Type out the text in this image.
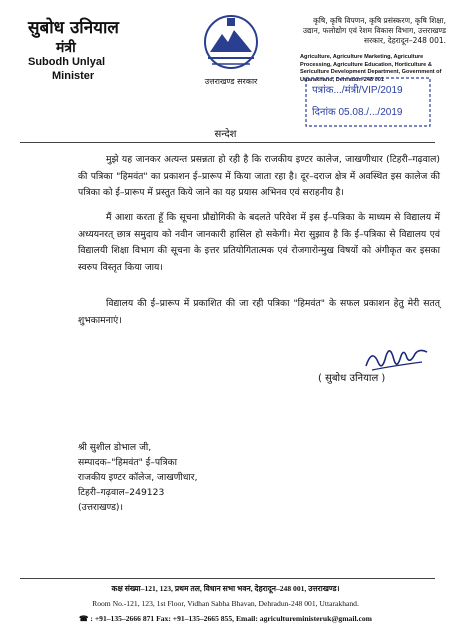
सुबोध उनियाल
मंत्री
Subodh Unlyal
Minister	उत्तराखण्ड सरकार
कृषि, कृषि विपणन, कृषि प्रसंस्करण, कृषि शिक्षा, उद्यान, फलोद्योग एवं रेशम विकास विभाग, उत्तराखण्ड सरकार, देहरादून–248 001.
Agriculture, Agriculture Marketing, Agriculture Processing, Agriculture Education, Horticulture & Sericulture Development Department, Government of Uttarakhand, Dehradun-248 001
पत्रांक.../मंत्री/VIP/2019
दिनांक 05.08./.../2019
सन्देश
मुझे यह जानकर अत्यन्त प्रसन्नता हो रही है कि राजकीय इण्टर कालेज, जाखणीधार (टिहरी–गढ़वाल) की पत्रिका "हिमवंत" का प्रकाशन ई–प्रारूप में किया जाता रहा है। दूर–दराज क्षेत्र में अवस्थित इस कालेज की पत्रिका को ई–प्रारूप में प्रस्तुत किये जाने का यह प्रयास अभिनव एवं सराहनीय है।
मैं आशा करता हूँ कि सूचना प्रौद्योगिकी के बदलते परिवेश में इस ई–पत्रिका के माध्यम से विद्यालय में अध्ययनरत् छात्र समुदाय को नवीन जानकारी हासिल हो सकेगी। मेरा सुझाव है कि ई–पत्रिका से विद्यालय एवं विद्यालयी शिक्षा विभाग की सूचना के इत्तर प्रतियोगितात्मक एवं रोजगारोन्मुख विषयों को अंगीकृत कर इसका स्वरुप विस्तृत किया जाय।
विद्यालय की ई–प्रारूप में प्रकाशित की जा रही पत्रिका "हिमवंत" के सफल प्रकाशन हेतु मेरी सतत् शुभकामनाएं।
( सुबोध उनियाल )
श्री सुशील डोभाल जी,
सम्पादक–"हिमवंत" ई–पत्रिका
राजकीय इण्टर कॉलेज, जाखणीधार,
टिहरी–गढ़वाल–249123
(उत्तराखण्ड)।
कक्ष संख्या–121, 123, प्रथम तल, विधान सभा भवन, देहरादून–248 001, उत्तराखण्ड।
Room No.-121, 123, 1st Floor, Vidhan Sabha Bhavan, Dehradun-248 001, Uttarakhand.
☎ : +91–135–2666 871 Fax: +91–135–2665 855, Email: agricultureministeruk@gmail.com
